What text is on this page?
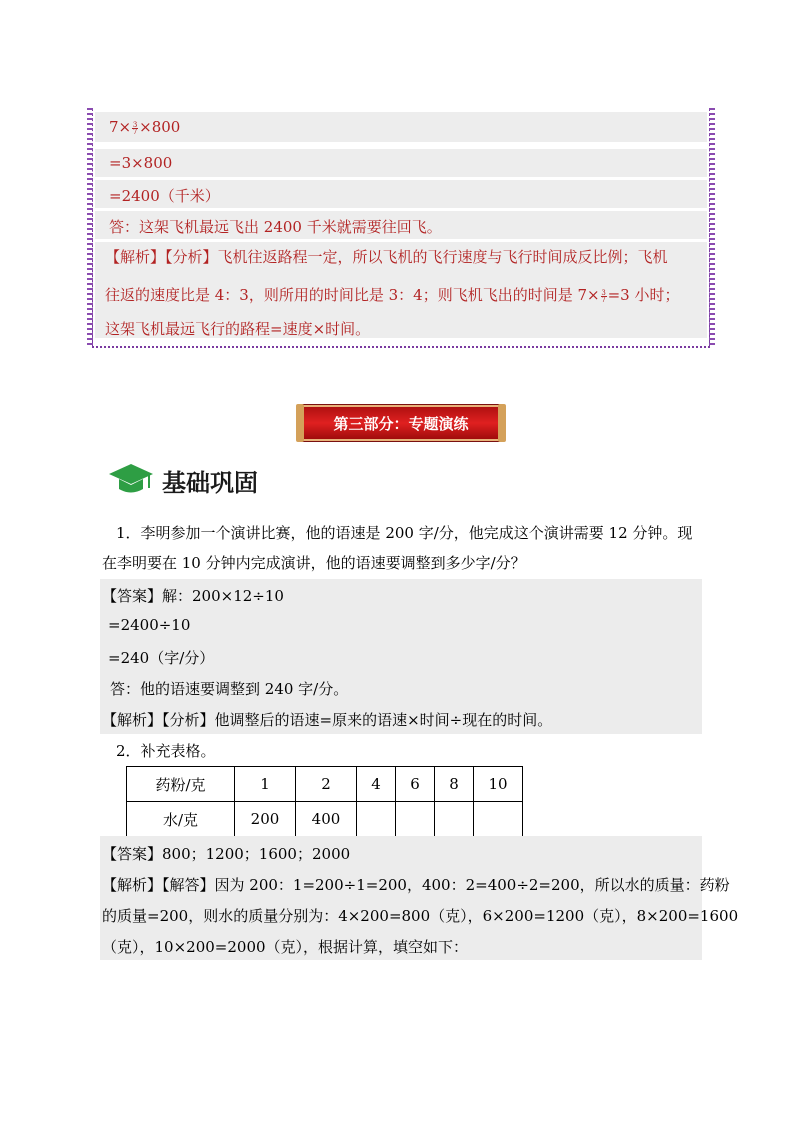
$7\times \frac{3}{7} \times 800$
=3×800
=2400（千米）
答：这架飞机最远飞出 2400 千米就需要往回飞。
【解析】【分析】飞机往返路程一定，所以飞机的飞行速度与飞行时间成反比例；飞机
往返的速度比是 4：3，则所用的时间比是 3：4；则飞机飞出的时间是 $7\times \frac{3}{7} =3$ 小时；
这架飞机最远飞行的路程=速度×时间。
第三部分：专题演练
基础巩固
1．李明参加一个演讲比赛，他的语速是 200 字/分，他完成这个演讲需要 12 分钟。现
在李明要在 10 分钟内完成演讲，他的语速要调整到多少字/分？
【答案】解：200×12÷10
=2400÷10
=240（字/分）
答：他的语速要调整到 240 字/分。
【解析】【分析】他调整后的语速=原来的语速×时间÷现在的时间。
2．补充表格。
药粉/克	1	2	4	6	8	10
水/克	200	400				
【答案】800；1200；1600；2000
【解析】【解答】因为 200：1=200÷1=200，400：2=400÷2=200，所以水的质量：药粉
的质量=200，则水的质量分别为：4×200=800（克），6×200=1200（克），8×200=1600
（克），10×200=2000（克），根据计算，填空如下：
